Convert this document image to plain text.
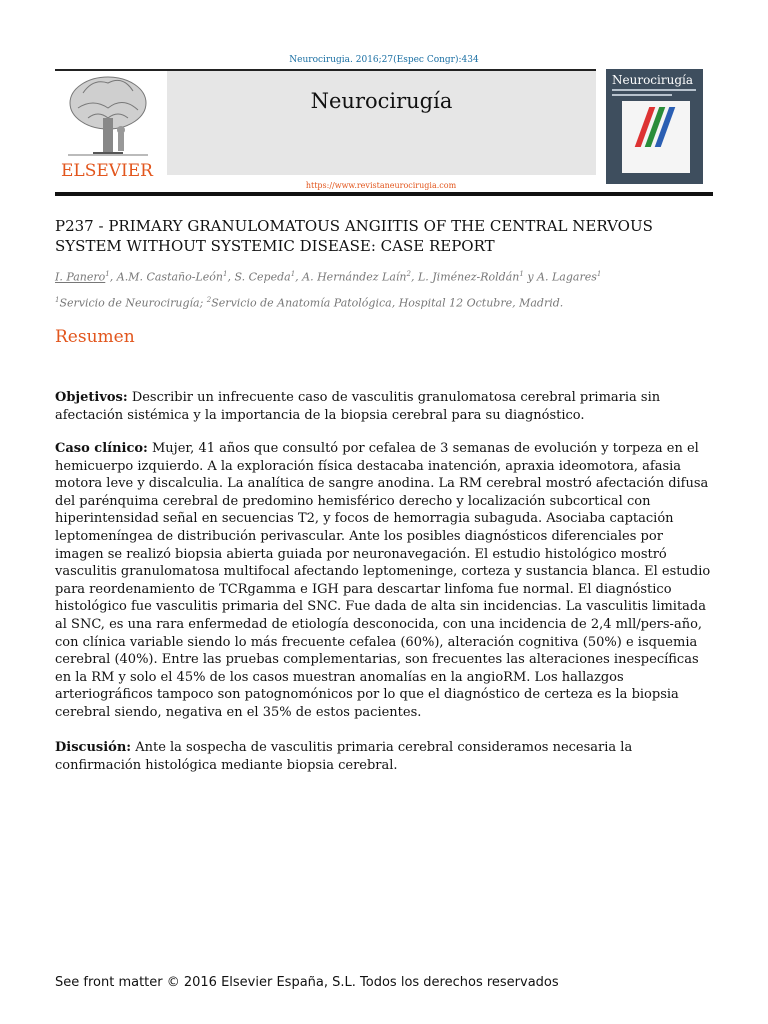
Neurocirugia. 2016;27(Espec Congr):434
ELSEVIER
Neurocirugía
https://www.revistaneurocirugia.com
Neurocirugía
P237 - PRIMARY GRANULOMATOUS ANGIITIS OF THE CENTRAL NERVOUS SYSTEM WITHOUT SYSTEMIC DISEASE: CASE REPORT
I. Panero$^1$, A.M. Castaño-León$^1$, S. Cepeda$^1$, A. Hernández Laín$^2$, L. Jiménez-Roldán$^1$ y A. Lagares$^1$
$^1$Servicio de Neurocirugía; $^2$Servicio de Anatomía Patológica, Hospital 12 Octubre, Madrid.
Resumen
Objetivos: Describir un infrecuente caso de vasculitis granulomatosa cerebral primaria sin afectación sistémica y la importancia de la biopsia cerebral para su diagnóstico.
Caso clínico: Mujer, 41 años que consultó por cefalea de 3 semanas de evolución y torpeza en el hemicuerpo izquierdo. A la exploración física destacaba inatención, apraxia ideomotora, afasia motora leve y discalculia. La analítica de sangre anodina. La RM cerebral mostró afectación difusa del parénquima cerebral de predomino hemisférico derecho y localización subcortical con hiperintensidad señal en secuencias T2, y focos de hemorragia subaguda. Asociaba captación leptomeníngea de distribución perivascular. Ante los posibles diagnósticos diferenciales por imagen se realizó biopsia abierta guiada por neuronavegación. El estudio histológico mostró vasculitis granulomatosa multifocal afectando leptomeninge, corteza y sustancia blanca. El estudio para reordenamiento de TCRgamma e IGH para descartar linfoma fue normal. El diagnóstico histológico fue vasculitis primaria del SNC. Fue dada de alta sin incidencias. La vasculitis limitada al SNC, es una rara enfermedad de etiología desconocida, con una incidencia de 2,4 mll/pers-año, con clínica variable siendo lo más frecuente cefalea (60%), alteración cognitiva (50%) e isquemia cerebral (40%). Entre las pruebas complementarias, son frecuentes las alteraciones inespecíficas en la RM y solo el 45% de los casos muestran anomalías en la angioRM. Los hallazgos arteriográficos tampoco son patognomónicos por lo que el diagnóstico de certeza es la biopsia cerebral siendo, negativa en el 35% de estos pacientes.
Discusión: Ante la sospecha de vasculitis primaria cerebral consideramos necesaria la confirmación histológica mediante biopsia cerebral.
See front matter © 2016 Elsevier España, S.L. Todos los derechos reservados
